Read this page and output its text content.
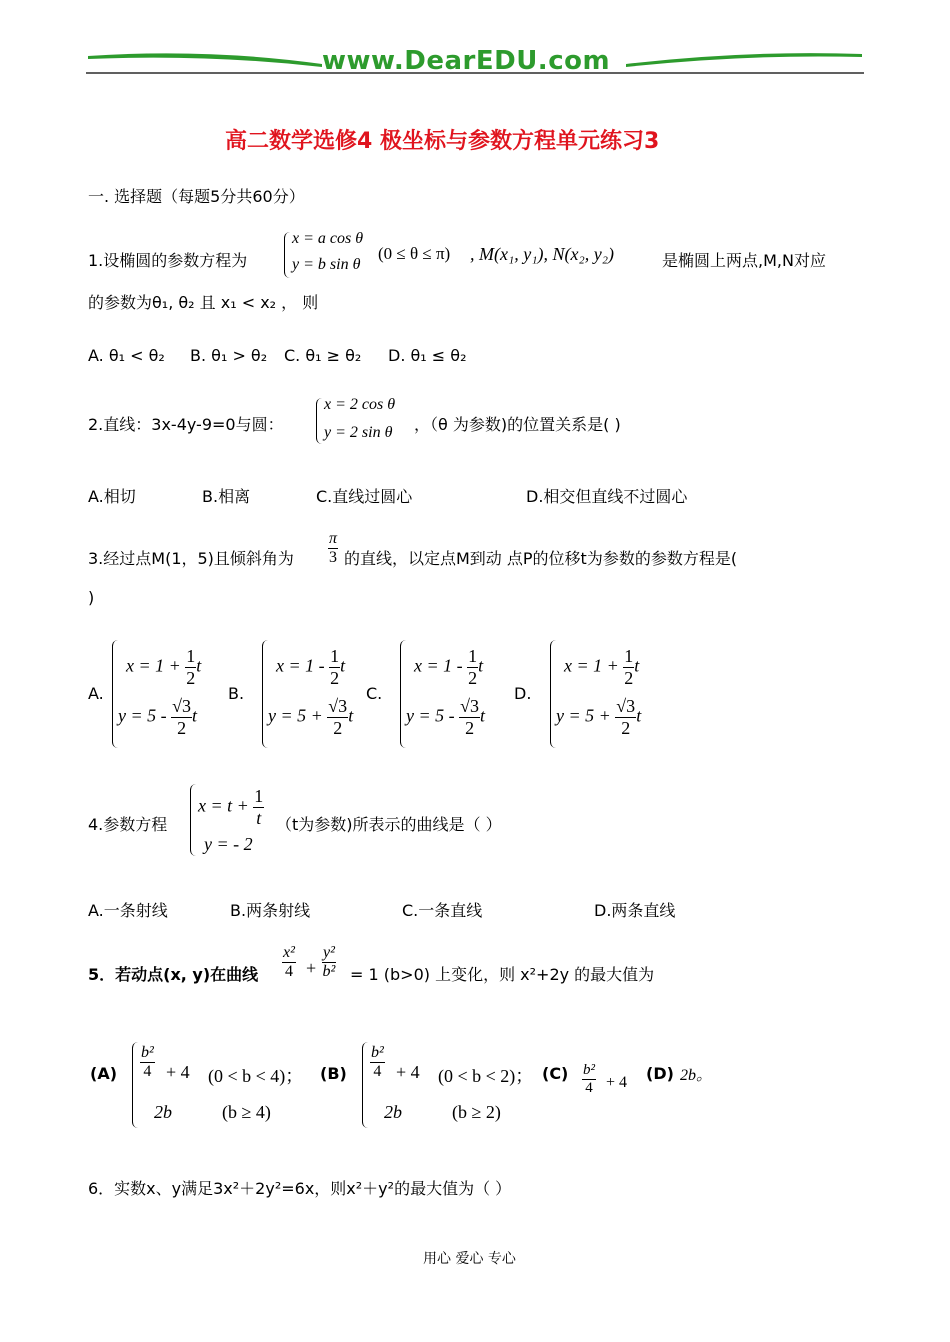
www.DearEDU.com
高二数学选修4 极坐标与参数方程单元练习3
一. 选择题（每题5分共60分）
1.设椭圆的参数方程为
x = a cos θ
y = b sin θ
(0 ≤ θ ≤ π) , M(x₁, y₁), N(x₂, y₂)	是椭圆上两点,M,N对应
的参数为θ₁, θ₂ 且 x₁ < x₂ ， 则
A. θ₁ < θ₂ B. θ₁ > θ₂ C. θ₁ ≥ θ₂ D. θ₁ ≤ θ₂
2.直线：3x-4y-9=0与圆：
x = 2 cos θ
y = 2 sin θ ，（θ 为参数)的位置关系是( )
A.相切	B.相离	C.直线过圆心	D.相交但直线不过圆心
3.经过点M(1，5)且倾斜角为 $\frac{\pi}{3}$ 的直线，以定点M到动 点P的位移t为参数的参数方程是(
)
A.
$x = 1 + \frac{1}{2}$ t
$y = 5 - \frac{√3}{2}$ t
B.
$x = 1 - \frac{1}{2}$ t
$y = 5 + \frac{√3}{2}$ t
C.
$x = 1 - \frac{1}{2}$ t
$y = 5 - \frac{√3}{2}$ t
D.
$x = 1 + \frac{1}{2}$ t
$y = 5 + \frac{√3}{2}$ t
4.参数方程
$x = t + \frac{1}{t}$
y = - 2
（t为参数)所表示的曲线是（ ）
A.一条射线	B.两条射线	C.一条直线	D.两条直线
5．若动点(x, y)在曲线 $\frac{\text{x²}}{4} + \frac{\text{y²}}{\text{b²}} = 1$ (b>0) 上变化，则 x²+2y 的最大值为
$(A) \frac{\text{b²}}{4} + 4$ (0 < b < 4)；
2b	(b ≥ 4)
$(B) \frac{\text{b²}}{4} + 4$ (0 < b < 2)；
2b	(b ≥ 2)
$(C) \frac{\text{b²}}{4} + 4$ (D) 2b。
6．实数x、y满足3x²＋2y²=6x，则x²＋y²的最大值为（ ）
用心 爱心 专心
